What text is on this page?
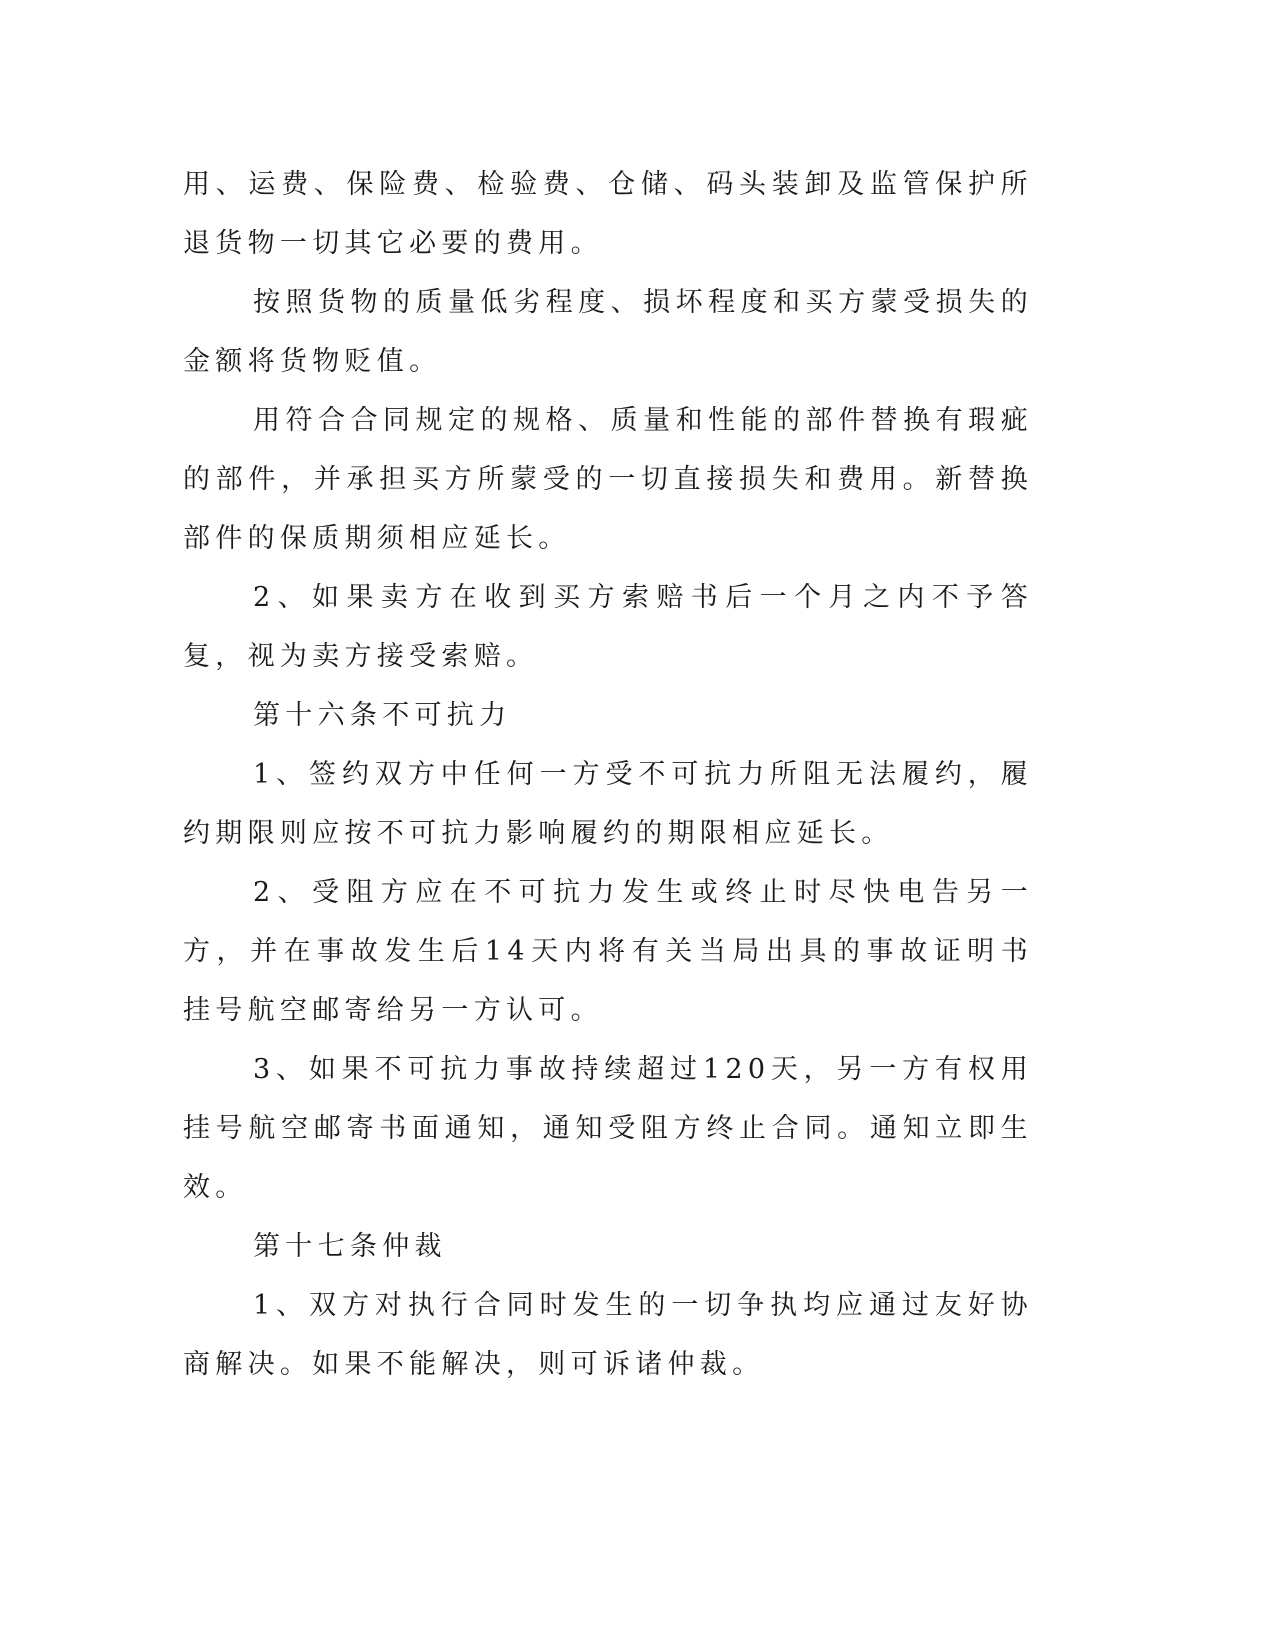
用、运费、保险费、检验费、仓储、码头装卸及监管保护所退货物一切其它必要的费用。

按照货物的质量低劣程度、损坏程度和买方蒙受损失的金额将货物贬值。

用符合合同规定的规格、质量和性能的部件替换有瑕疵的部件，并承担买方所蒙受的一切直接损失和费用。新替换部件的保质期须相应延长。

2、如果卖方在收到买方索赔书后一个月之内不予答复，视为卖方接受索赔。

第十六条不可抗力

1、签约双方中任何一方受不可抗力所阻无法履约，履约期限则应按不可抗力影响履约的期限相应延长。

2、受阻方应在不可抗力发生或终止时尽快电告另一方，并在事故发生后14天内将有关当局出具的事故证明书挂号航空邮寄给另一方认可。

3、如果不可抗力事故持续超过120天，另一方有权用挂号航空邮寄书面通知，通知受阻方终止合同。通知立即生效。

第十七条仲裁

1、双方对执行合同时发生的一切争执均应通过友好协商解决。如果不能解决，则可诉诸仲裁。
